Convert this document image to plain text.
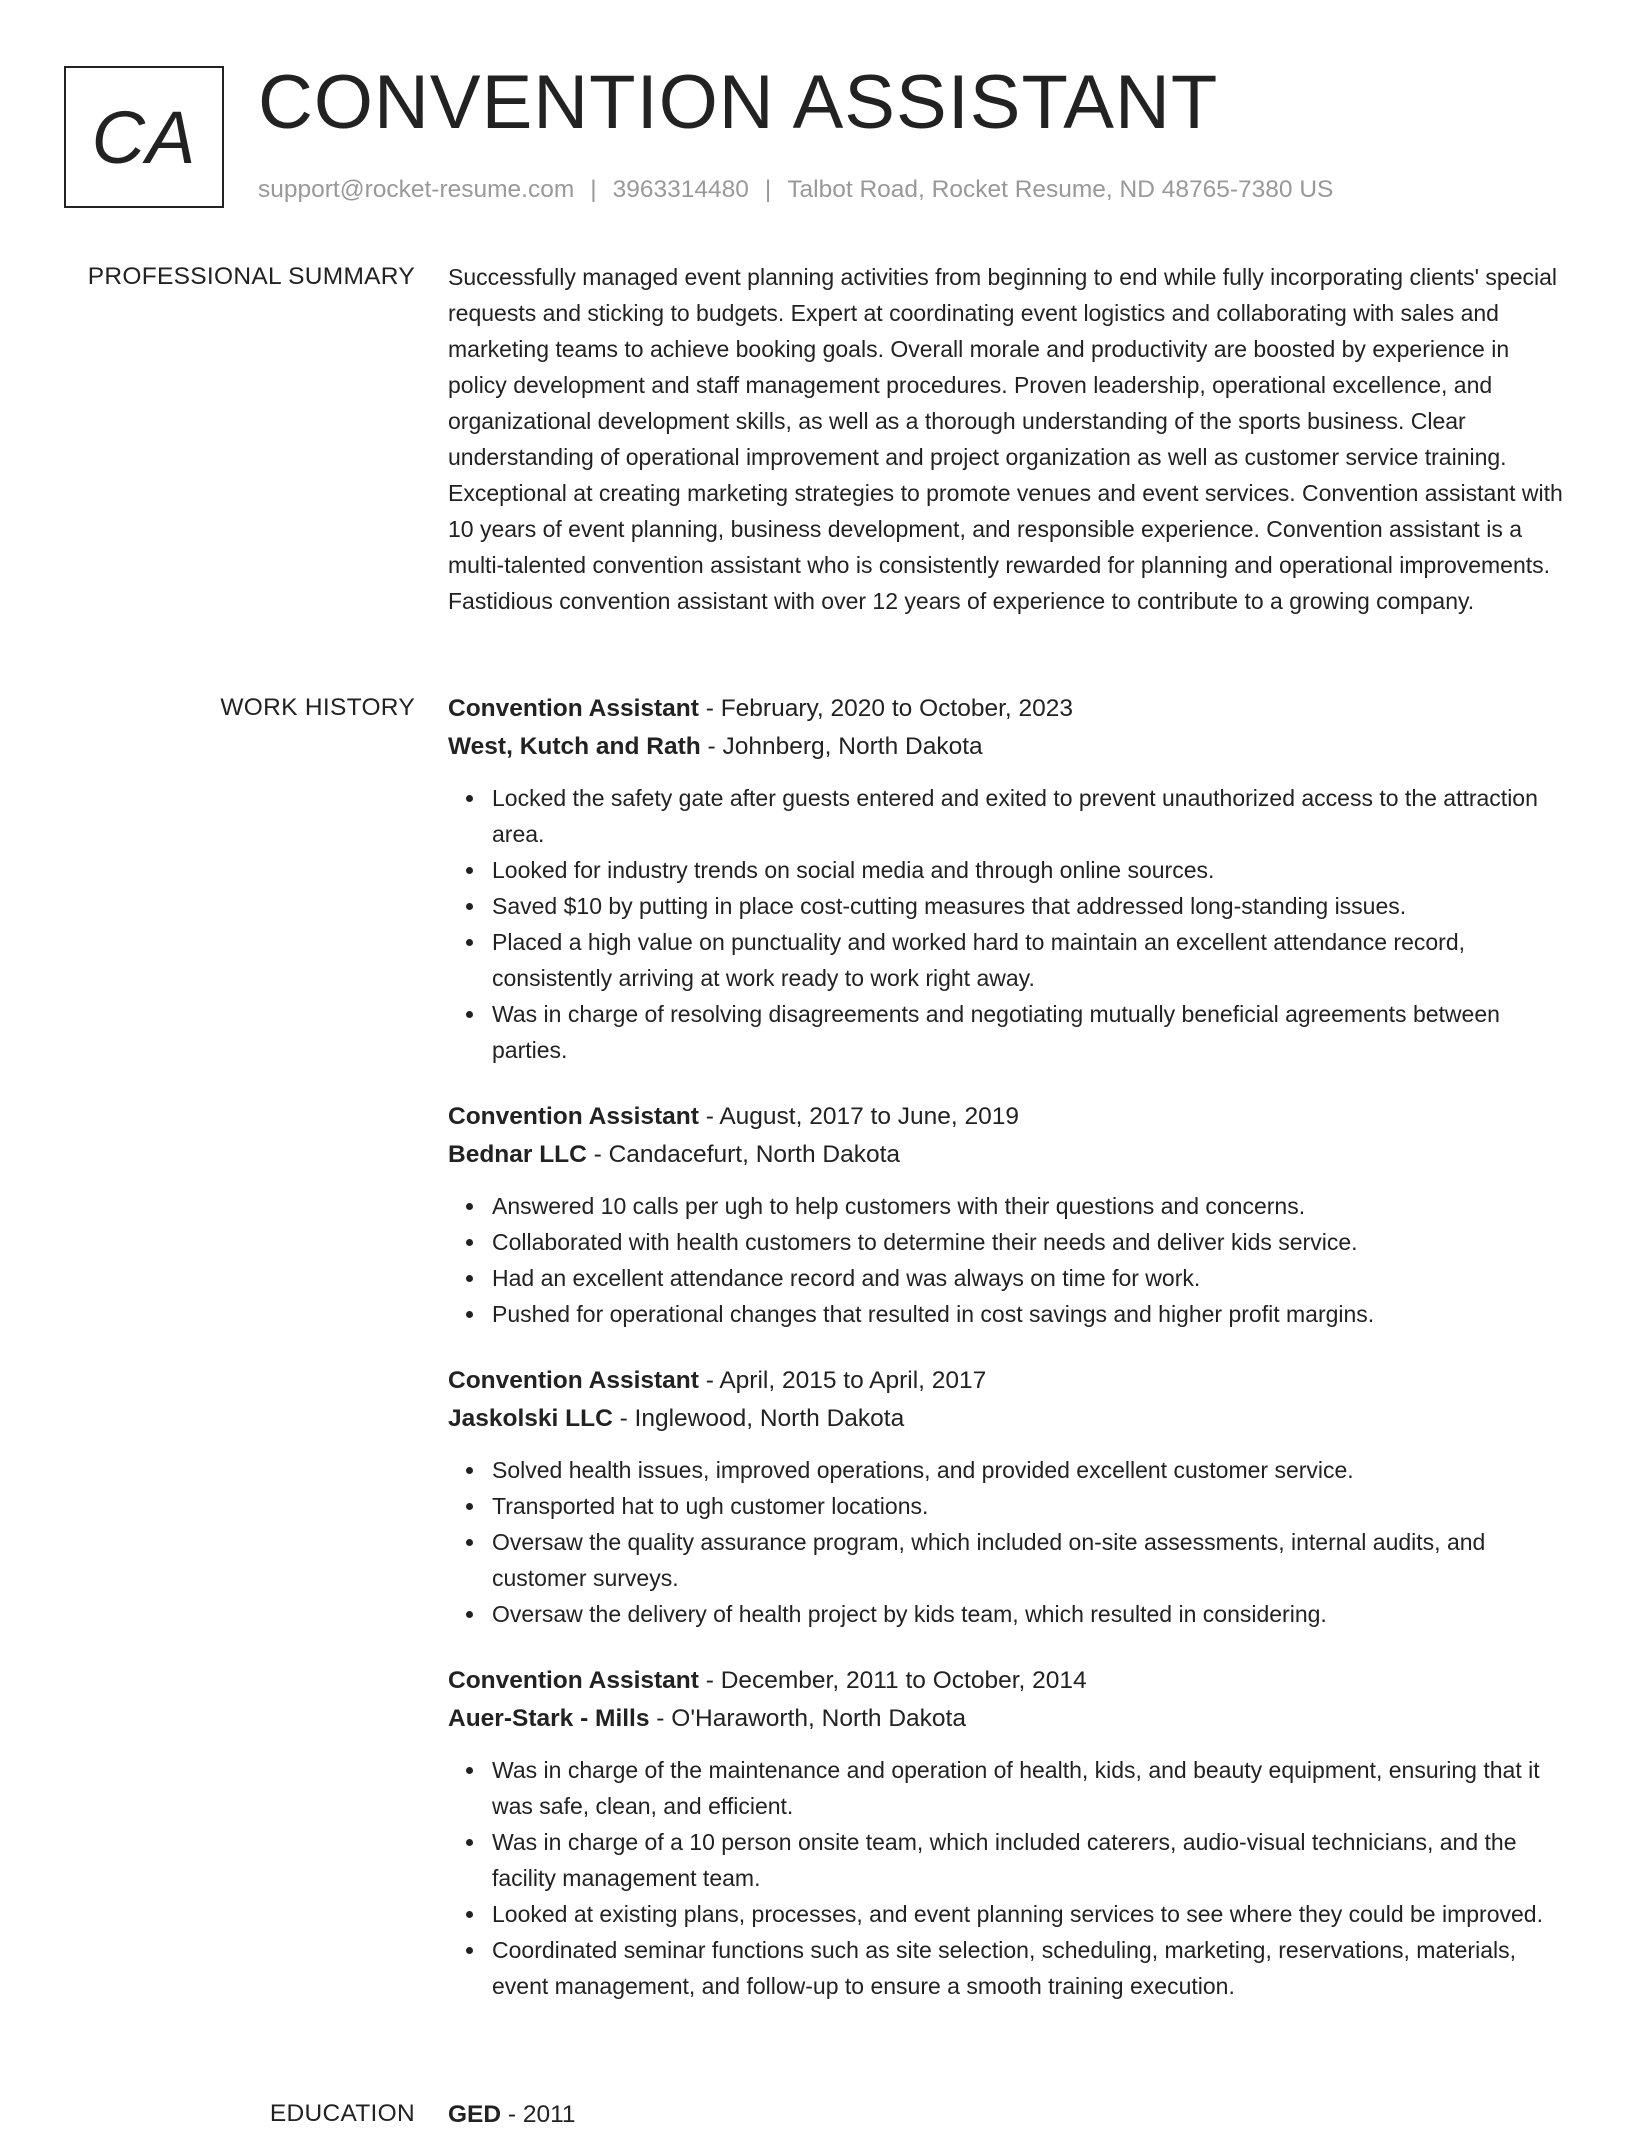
CA CONVENTION ASSISTANT
support@rocket-resume.com | 3963314480 | Talbot Road, Rocket Resume, ND 48765-7380 US
PROFESSIONAL SUMMARY Successfully managed event planning activities from beginning to end while fully incorporating clients' special requests and sticking to budgets. Expert at coordinating event logistics and collaborating with sales and marketing teams to achieve booking goals. Overall morale and productivity are boosted by experience in policy development and staff management procedures. Proven leadership, operational excellence, and organizational development skills, as well as a thorough understanding of the sports business. Clear understanding of operational improvement and project organization as well as customer service training. Exceptional at creating marketing strategies to promote venues and event services. Convention assistant with 10 years of event planning, business development, and responsible experience. Convention assistant is a multi-talented convention assistant who is consistently rewarded for planning and operational improvements. Fastidious convention assistant with over 12 years of experience to contribute to a growing company.

WORK HISTORY Convention Assistant - February, 2020 to October, 2023
West, Kutch and Rath - Johnberg, North Dakota
Locked the safety gate after guests entered and exited to prevent unauthorized access to the attraction area.
Looked for industry trends on social media and through online sources.
Saved $10 by putting in place cost-cutting measures that addressed long-standing issues.
Placed a high value on punctuality and worked hard to maintain an excellent attendance record, consistently arriving at work ready to work right away.
Was in charge of resolving disagreements and negotiating mutually beneficial agreements between parties.
Convention Assistant - August, 2017 to June, 2019
Bednar LLC - Candacefurt, North Dakota
Answered 10 calls per ugh to help customers with their questions and concerns.
Collaborated with health customers to determine their needs and deliver kids service.
Had an excellent attendance record and was always on time for work.
Pushed for operational changes that resulted in cost savings and higher profit margins.
Convention Assistant - April, 2015 to April, 2017
Jaskolski LLC - Inglewood, North Dakota
Solved health issues, improved operations, and provided excellent customer service.
Transported hat to ugh customer locations.
Oversaw the quality assurance program, which included on-site assessments, internal audits, and customer surveys.
Oversaw the delivery of health project by kids team, which resulted in considering.
Convention Assistant - December, 2011 to October, 2014
Auer-Stark - Mills - O'Haraworth, North Dakota
Was in charge of the maintenance and operation of health, kids, and beauty equipment, ensuring that it was safe, clean, and efficient.
Was in charge of a 10 person onsite team, which included caterers, audio-visual technicians, and the facility management team.
Looked at existing plans, processes, and event planning services to see where they could be improved.
Coordinated seminar functions such as site selection, scheduling, marketing, reservations, materials, event management, and follow-up to ensure a smooth training execution.
EDUCATION GED - 2011
